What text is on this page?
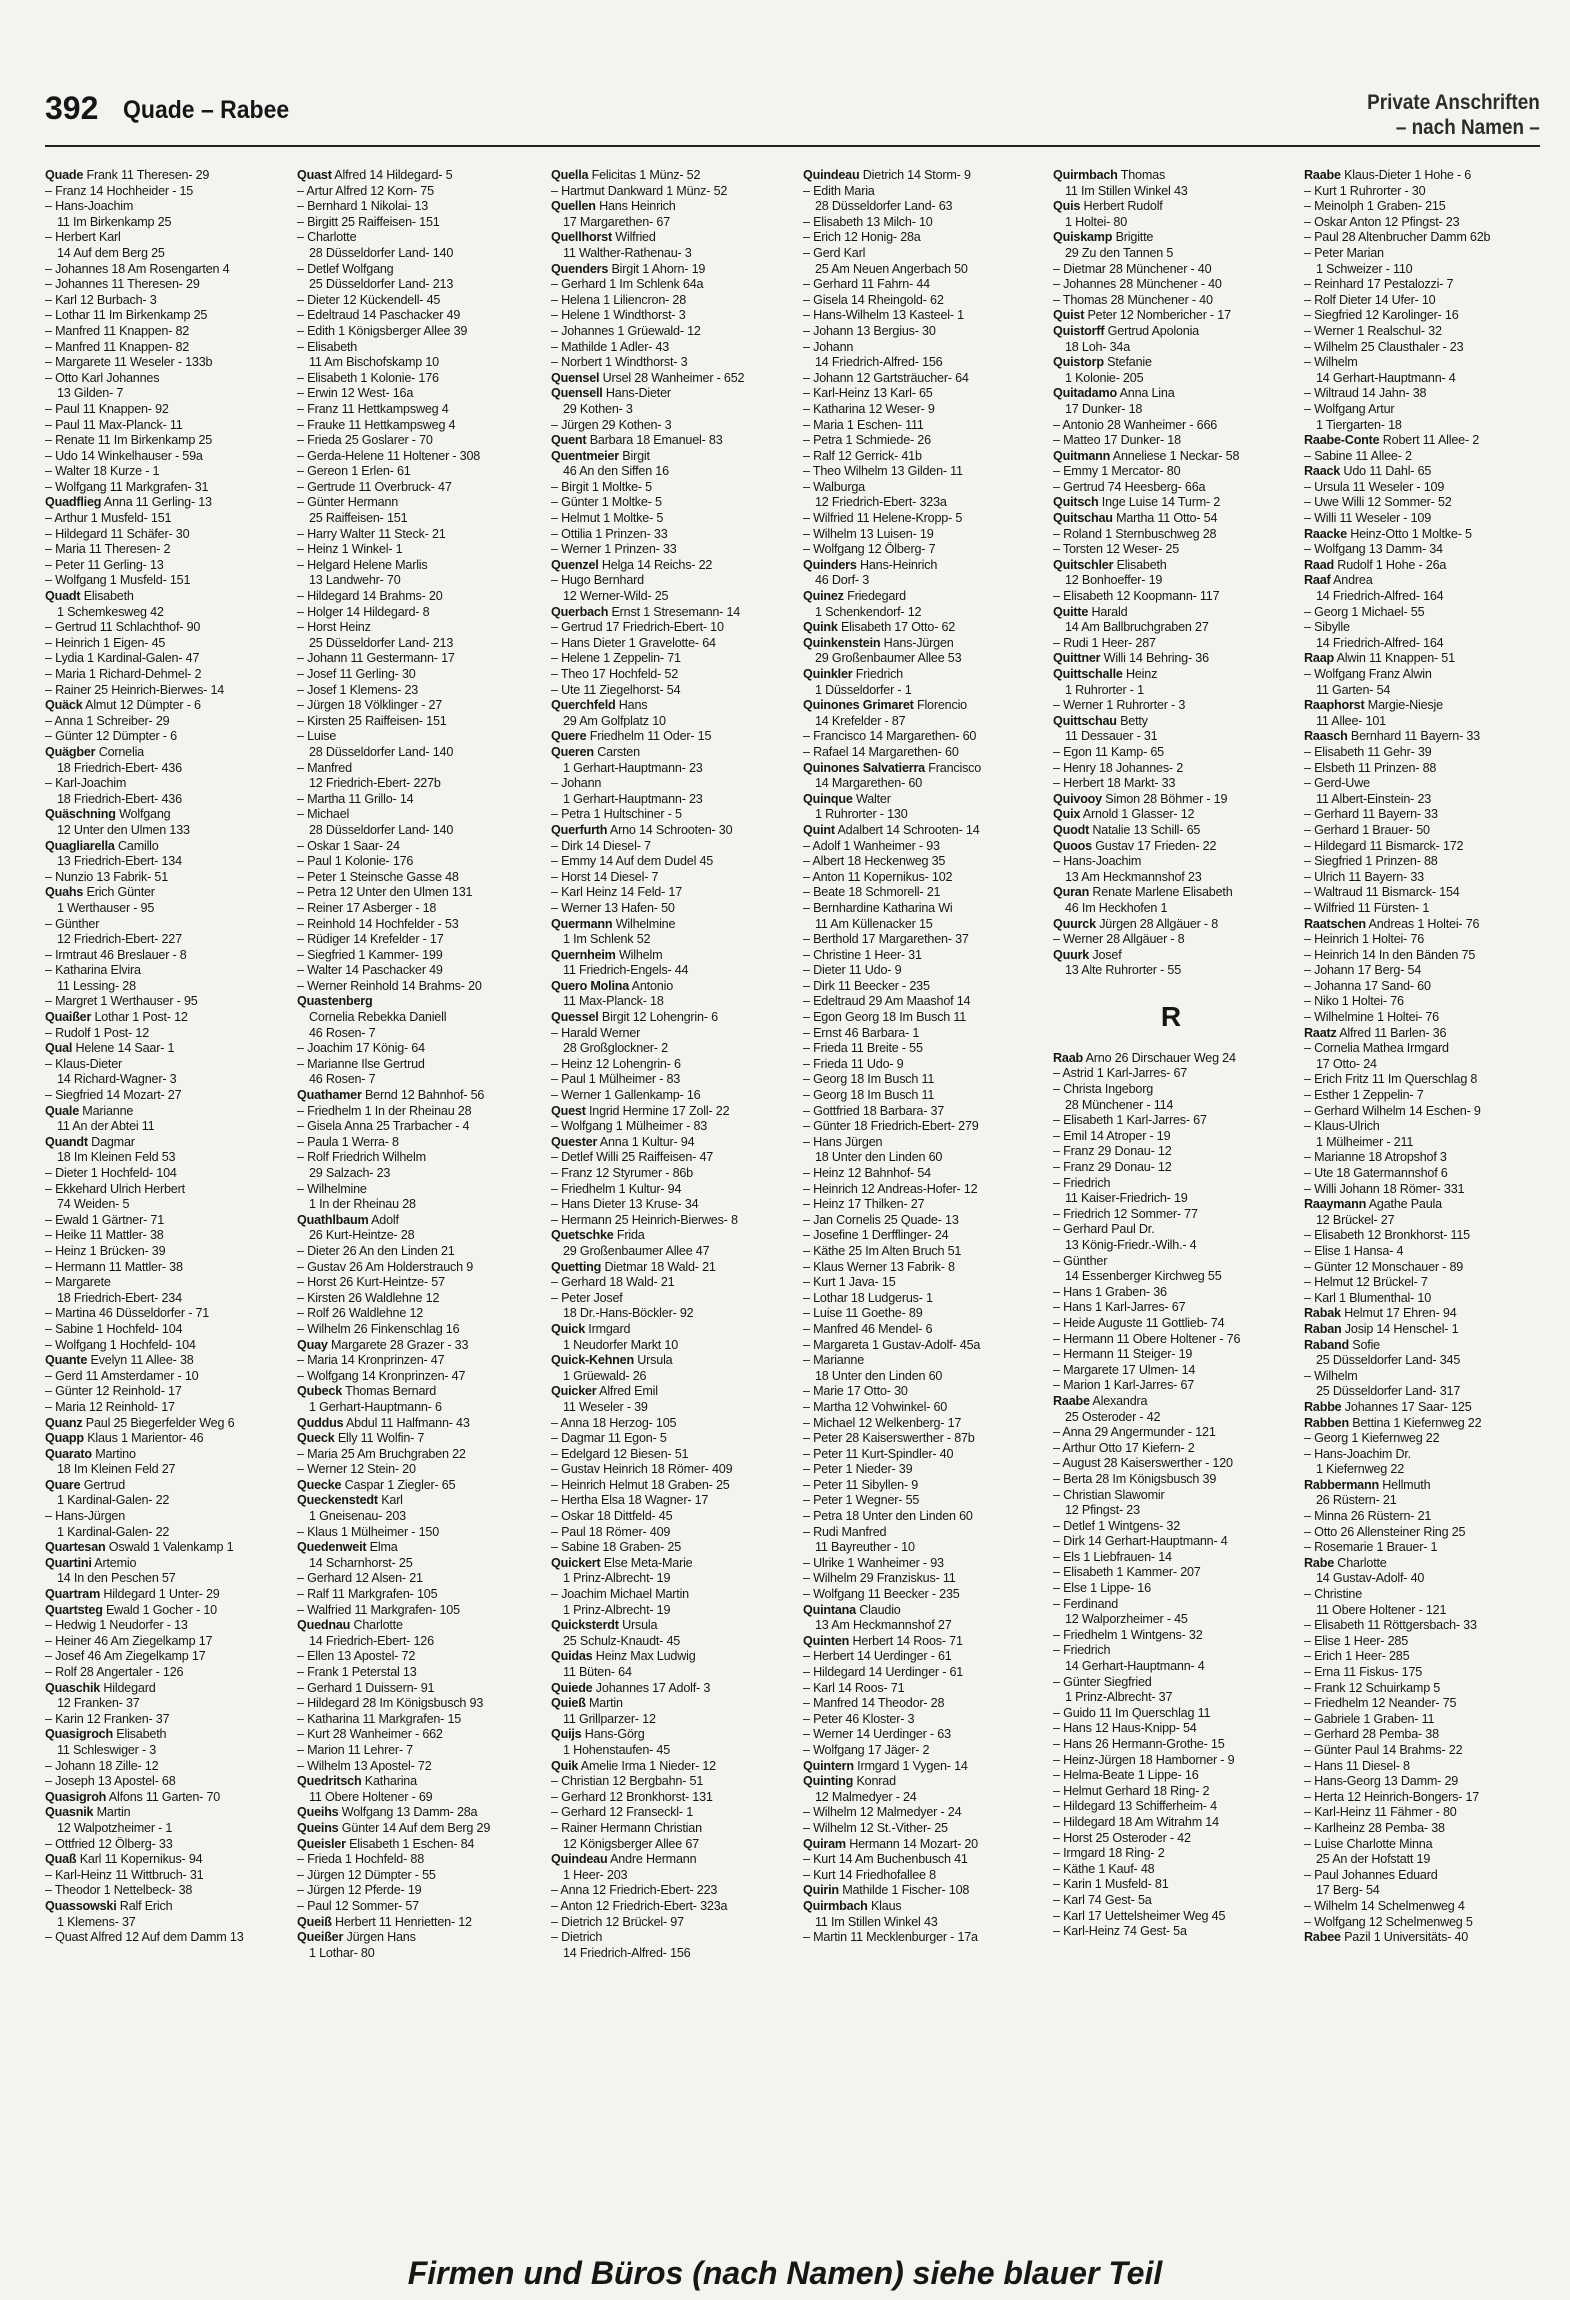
392 Quade – Rabee	Private Anschriften
– nach Namen –
Quade Frank 11 Theresen- 29
– Franz 14 Hochheider - 15
– Hans-Joachim
11 Im Birkenkamp 25
– Herbert Karl
14 Auf dem Berg 25
– Johannes 18 Am Rosengarten 4
– Johannes 11 Theresen- 29
– Karl 12 Burbach- 3
– Lothar 11 Im Birkenkamp 25
– Manfred 11 Knappen- 82
– Manfred 11 Knappen- 82
– Margarete 11 Weseler - 133b
– Otto Karl Johannes
13 Gilden- 7
– Paul 11 Knappen- 92
– Paul 11 Max-Planck- 11
– Renate 11 Im Birkenkamp 25
– Udo 14 Winkelhauser - 59a
– Walter 18 Kurze - 1
– Wolfgang 11 Markgrafen- 31
Quadflieg Anna 11 Gerling- 13
– Arthur 1 Musfeld- 151
– Hildegard 11 Schäfer- 30
– Maria 11 Theresen- 2
– Peter 11 Gerling- 13
– Wolfgang 1 Musfeld- 151
Quadt Elisabeth
1 Schemkesweg 42
– Gertrud 11 Schlachthof- 90
– Heinrich 1 Eigen- 45
– Lydia 1 Kardinal-Galen- 47
– Maria 1 Richard-Dehmel- 2
– Rainer 25 Heinrich-Bierwes- 14
Quäck Almut 12 Dümpter - 6
– Anna 1 Schreiber- 29
– Günter 12 Dümpter - 6
Quägber Cornelia
18 Friedrich-Ebert- 436
– Karl-Joachim
18 Friedrich-Ebert- 436
Quäschning Wolfgang
12 Unter den Ulmen 133
Quagliarella Camillo
13 Friedrich-Ebert- 134
– Nunzio 13 Fabrik- 51
Quahs Erich Günter
1 Werthauser - 95
– Günther
12 Friedrich-Ebert- 227
– Irmtraut 46 Breslauer - 8
– Katharina Elvira
11 Lessing- 28
– Margret 1 Werthauser - 95
Quaißer Lothar 1 Post- 12
– Rudolf 1 Post- 12
Qual Helene 14 Saar- 1
– Klaus-Dieter
14 Richard-Wagner- 3
– Siegfried 14 Mozart- 27
Quale Marianne
11 An der Abtei 11
Quandt Dagmar
18 Im Kleinen Feld 53
– Dieter 1 Hochfeld- 104
– Ekkehard Ulrich Herbert
74 Weiden- 5
– Ewald 1 Gärtner- 71
– Heike 11 Mattler- 38
– Heinz 1 Brücken- 39
– Hermann 11 Mattler- 38
– Margarete
18 Friedrich-Ebert- 234
– Martina 46 Düsseldorfer - 71
– Sabine 1 Hochfeld- 104
– Wolfgang 1 Hochfeld- 104
Quante Evelyn 11 Allee- 38
– Gerd 11 Amsterdamer - 10
– Günter 12 Reinhold- 17
– Maria 12 Reinhold- 17
Quanz Paul 25 Biegerfelder Weg 6
Quapp Klaus 1 Marientor- 46
Quarato Martino
18 Im Kleinen Feld 27
Quare Gertrud
1 Kardinal-Galen- 22
– Hans-Jürgen
1 Kardinal-Galen- 22
Quartesan Oswald 1 Valenkamp 1
Quartini Artemio
14 In den Peschen 57
Quartram Hildegard 1 Unter- 29
Quartsteg Ewald 1 Gocher - 10
– Hedwig 1 Neudorfer - 13
– Heiner 46 Am Ziegelkamp 17
– Josef 46 Am Ziegelkamp 17
– Rolf 28 Angertaler - 126
Quaschik Hildegard
12 Franken- 37
– Karin 12 Franken- 37
Quasigroch Elisabeth
11 Schleswiger - 3
– Johann 18 Zille- 12
– Joseph 13 Apostel- 68
Quasigroh Alfons 11 Garten- 70
Quasnik Martin
12 Walpotzheimer - 1
– Ottfried 12 Ölberg- 33
Quaß Karl 11 Kopernikus- 94
– Karl-Heinz 11 Wittbruch- 31
– Theodor 1 Nettelbeck- 38
Quassowski Ralf Erich
1 Klemens- 37
– Quast Alfred 12 Auf dem Damm 13
Quast Alfred 14 Hildegard- 5
– Artur Alfred 12 Korn- 75
– Bernhard 1 Nikolai- 13
– Birgitt 25 Raiffeisen- 151
– Charlotte
28 Düsseldorfer Land- 140
– Detlef Wolfgang
25 Düsseldorfer Land- 213
– Dieter 12 Kückendell- 45
– Edeltraud 14 Paschacker 49
– Edith 1 Königsberger Allee 39
– Elisabeth
11 Am Bischofskamp 10
– Elisabeth 1 Kolonie- 176
– Erwin 12 West- 16a
– Franz 11 Hettkampsweg 4
– Frauke 11 Hettkampsweg 4
– Frieda 25 Goslarer - 70
– Gerda-Helene 11 Holtener - 308
– Gereon 1 Erlen- 61
– Gertrude 11 Overbruck- 47
– Günter Hermann
25 Raiffeisen- 151
– Harry Walter 11 Steck- 21
– Heinz 1 Winkel- 1
– Helgard Helene Marlis
13 Landwehr- 70
– Hildegard 14 Brahms- 20
– Holger 14 Hildegard- 8
– Horst Heinz
25 Düsseldorfer Land- 213
– Johann 11 Gestermann- 17
– Josef 11 Gerling- 30
– Josef 1 Klemens- 23
– Jürgen 18 Völklinger - 27
– Kirsten 25 Raiffeisen- 151
– Luise
28 Düsseldorfer Land- 140
– Manfred
12 Friedrich-Ebert- 227b
– Martha 11 Grillo- 14
– Michael
28 Düsseldorfer Land- 140
– Oskar 1 Saar- 24
– Paul 1 Kolonie- 176
– Peter 1 Steinsche Gasse 48
– Petra 12 Unter den Ulmen 131
– Reiner 17 Asberger - 18
– Reinhold 14 Hochfelder - 53
– Rüdiger 14 Krefelder - 17
– Siegfried 1 Kammer- 199
– Walter 14 Paschacker 49
– Werner Reinhold 14 Brahms- 20
Quastenberg
Cornelia Rebekka Daniell
46 Rosen- 7
– Joachim 17 König- 64
– Marianne Ilse Gertrud
46 Rosen- 7
Quathamer Bernd 12 Bahnhof- 56
– Friedhelm 1 In der Rheinau 28
– Gisela Anna 25 Trarbacher - 4
– Paula 1 Werra- 8
– Rolf Friedrich Wilhelm
29 Salzach- 23
– Wilhelmine
1 In der Rheinau 28
Quathlbaum Adolf
26 Kurt-Heintze- 28
– Dieter 26 An den Linden 21
– Gustav 26 Am Holderstrauch 9
– Horst 26 Kurt-Heintze- 57
– Kirsten 26 Waldlehne 12
– Rolf 26 Waldlehne 12
– Wilhelm 26 Finkenschlag 16
Quay Margarete 28 Grazer - 33
– Maria 14 Kronprinzen- 47
– Wolfgang 14 Kronprinzen- 47
Qubeck Thomas Bernard
1 Gerhart-Hauptmann- 6
Quddus Abdul 11 Halfmann- 43
Queck Elly 11 Wolfin- 7
– Maria 25 Am Bruchgraben 22
– Werner 12 Stein- 20
Quecke Caspar 1 Ziegler- 65
Queckenstedt Karl
1 Gneisenau- 203
– Klaus 1 Mülheimer - 150
Quedenweit Elma
14 Scharnhorst- 25
– Gerhard 12 Alsen- 21
– Ralf 11 Markgrafen- 105
– Walfried 11 Markgrafen- 105
Quednau Charlotte
14 Friedrich-Ebert- 126
– Ellen 13 Apostel- 72
– Frank 1 Peterstal 13
– Gerhard 1 Duissern- 91
– Hildegard 28 Im Königsbusch 93
– Katharina 11 Markgrafen- 15
– Kurt 28 Wanheimer - 662
– Marion 11 Lehrer- 7
– Wilhelm 13 Apostel- 72
Quedritsch Katharina
11 Obere Holtener - 69
Queihs Wolfgang 13 Damm- 28a
Queins Günter 14 Auf dem Berg 29
Queisler Elisabeth 1 Eschen- 84
– Frieda 1 Hochfeld- 88
– Jürgen 12 Dümpter - 55
– Jürgen 12 Pferde- 19
– Paul 12 Sommer- 57
Queiß Herbert 11 Henrietten- 12
Queißer Jürgen Hans
1 Lothar- 80
Quella Felicitas 1 Münz- 52
– Hartmut Dankward 1 Münz- 52
Quellen Hans Heinrich
17 Margarethen- 67
Quellhorst Wilfried
11 Walther-Rathenau- 3
Quenders Birgit 1 Ahorn- 19
– Gerhard 1 Im Schlenk 64a
– Helena 1 Liliencron- 28
– Helene 1 Windthorst- 3
– Johannes 1 Grüewald- 12
– Mathilde 1 Adler- 43
– Norbert 1 Windthorst- 3
Quensel Ursel 28 Wanheimer - 652
Quensell Hans-Dieter
29 Kothen- 3
– Jürgen 29 Kothen- 3
Quent Barbara 18 Emanuel- 83
Quentmeier Birgit
46 An den Siffen 16
– Birgit 1 Moltke- 5
– Günter 1 Moltke- 5
– Helmut 1 Moltke- 5
– Ottilia 1 Prinzen- 33
– Werner 1 Prinzen- 33
Quenzel Helga 14 Reichs- 22
– Hugo Bernhard
12 Werner-Wild- 25
Querbach Ernst 1 Stresemann- 14
– Gertrud 17 Friedrich-Ebert- 10
– Hans Dieter 1 Gravelotte- 64
– Helene 1 Zeppelin- 71
– Theo 17 Hochfeld- 52
– Ute 11 Ziegelhorst- 54
Querchfeld Hans
29 Am Golfplatz 10
Quere Friedhelm 11 Oder- 15
Queren Carsten
1 Gerhart-Hauptmann- 23
– Johann
1 Gerhart-Hauptmann- 23
– Petra 1 Hultschiner - 5
Querfurth Arno 14 Schrooten- 30
– Dirk 14 Diesel- 7
– Emmy 14 Auf dem Dudel 45
– Horst 14 Diesel- 7
– Karl Heinz 14 Feld- 17
– Werner 13 Hafen- 50
Quermann Wilhelmine
1 Im Schlenk 52
Quernheim Wilhelm
11 Friedrich-Engels- 44
Quero Molina Antonio
11 Max-Planck- 18
Quessel Birgit 12 Lohengrin- 6
– Harald Werner
28 Großglockner- 2
– Heinz 12 Lohengrin- 6
– Paul 1 Mülheimer - 83
– Werner 1 Gallenkamp- 16
Quest Ingrid Hermine 17 Zoll- 22
– Wolfgang 1 Mülheimer - 83
Quester Anna 1 Kultur- 94
– Detlef Willi 25 Raiffeisen- 47
– Franz 12 Styrumer - 86b
– Friedhelm 1 Kultur- 94
– Hans Dieter 13 Kruse- 34
– Hermann 25 Heinrich-Bierwes- 8
Quetschke Frida
29 Großenbaumer Allee 47
Quetting Dietmar 18 Wald- 21
– Gerhard 18 Wald- 21
– Peter Josef
18 Dr.-Hans-Böckler- 92
Quick Irmgard
1 Neudorfer Markt 10
Quick-Kehnen Ursula
1 Grüewald- 26
Quicker Alfred Emil
11 Weseler - 39
– Anna 18 Herzog- 105
– Dagmar 11 Egon- 5
– Edelgard 12 Biesen- 51
– Gustav Heinrich 18 Römer- 409
– Heinrich Helmut 18 Graben- 25
– Hertha Elsa 18 Wagner- 17
– Oskar 18 Dittfeld- 45
– Paul 18 Römer- 409
– Sabine 18 Graben- 25
Quickert Else Meta-Marie
1 Prinz-Albrecht- 19
– Joachim Michael Martin
1 Prinz-Albrecht- 19
Quicksterdt Ursula
25 Schulz-Knaudt- 45
Quidas Heinz Max Ludwig
11 Büten- 64
Quiede Johannes 17 Adolf- 3
Quieß Martin
11 Grillparzer- 12
Quijs Hans-Görg
1 Hohenstaufen- 45
Quik Amelie Irma 1 Nieder- 12
– Christian 12 Bergbahn- 51
– Gerhard 12 Bronkhorst- 131
– Gerhard 12 Franseckl- 1
– Rainer Hermann Christian
12 Königsberger Allee 67
Quindeau Andre Hermann
1 Heer- 203
– Anna 12 Friedrich-Ebert- 223
– Anton 12 Friedrich-Ebert- 323a
– Dietrich 12 Brückel- 97
– Dietrich
14 Friedrich-Alfred- 156
Quindeau Dietrich 14 Storm- 9
– Edith Maria
28 Düsseldorfer Land- 63
– Elisabeth 13 Milch- 10
– Erich 12 Honig- 28a
– Gerd Karl
25 Am Neuen Angerbach 50
– Gerhard 11 Fahrn- 44
– Gisela 14 Rheingold- 62
– Hans-Wilhelm 13 Kasteel- 1
– Johann 13 Bergius- 30
– Johann
14 Friedrich-Alfred- 156
– Johann 12 Gartsträucher- 64
– Karl-Heinz 13 Karl- 65
– Katharina 12 Weser- 9
– Maria 1 Eschen- 111
– Petra 1 Schmiede- 26
– Ralf 12 Gerrick- 41b
– Theo Wilhelm 13 Gilden- 11
– Walburga
12 Friedrich-Ebert- 323a
– Wilfried 11 Helene-Kropp- 5
– Wilhelm 13 Luisen- 19
– Wolfgang 12 Ölberg- 7
Quinders Hans-Heinrich
46 Dorf- 3
Quinez Friedegard
1 Schenkendorf- 12
Quink Elisabeth 17 Otto- 62
Quinkenstein Hans-Jürgen
29 Großenbaumer Allee 53
Quinkler Friedrich
1 Düsseldorfer - 1
Quinones Grimaret Florencio
14 Krefelder - 87
– Francisco 14 Margarethen- 60
– Rafael 14 Margarethen- 60
Quinones Salvatierra Francisco
14 Margarethen- 60
Quinque Walter
1 Ruhrorter - 130
Quint Adalbert 14 Schrooten- 14
– Adolf 1 Wanheimer - 93
– Albert 18 Heckenweg 35
– Anton 11 Kopernikus- 102
– Beate 18 Schmorell- 21
– Bernhardine Katharina Wi
11 Am Küllenacker 15
– Berthold 17 Margarethen- 37
– Christine 1 Heer- 31
– Dieter 11 Udo- 9
– Dirk 11 Beecker - 235
– Edeltraud 29 Am Maashof 14
– Egon Georg 18 Im Busch 11
– Ernst 46 Barbara- 1
– Frieda 11 Breite - 55
– Frieda 11 Udo- 9
– Georg 18 Im Busch 11
– Georg 18 Im Busch 11
– Gottfried 18 Barbara- 37
– Günter 18 Friedrich-Ebert- 279
– Hans Jürgen
18 Unter den Linden 60
– Heinz 12 Bahnhof- 54
– Heinrich 12 Andreas-Hofer- 12
– Heinz 17 Thilken- 27
– Jan Cornelis 25 Quade- 13
– Josefine 1 Derfflinger- 24
– Käthe 25 Im Alten Bruch 51
– Klaus Werner 13 Fabrik- 8
– Kurt 1 Java- 15
– Lothar 18 Ludgerus- 1
– Luise 11 Goethe- 89
– Manfred 46 Mendel- 6
– Margareta 1 Gustav-Adolf- 45a
– Marianne
18 Unter den Linden 60
– Marie 17 Otto- 30
– Martha 12 Vohwinkel- 60
– Michael 12 Welkenberg- 17
– Peter 28 Kaiserswerther - 87b
– Peter 11 Kurt-Spindler- 40
– Peter 1 Nieder- 39
– Peter 11 Sibyllen- 9
– Peter 1 Wegner- 55
– Petra 18 Unter den Linden 60
– Rudi Manfred
11 Bayreuther - 10
– Ulrike 1 Wanheimer - 93
– Wilhelm 29 Franziskus- 11
– Wolfgang 11 Beecker - 235
Quintana Claudio
13 Am Heckmannshof 27
Quinten Herbert 14 Roos- 71
– Herbert 14 Uerdinger - 61
– Hildegard 14 Uerdinger - 61
– Karl 14 Roos- 71
– Manfred 14 Theodor- 28
– Peter 46 Kloster- 3
– Werner 14 Uerdinger - 63
– Wolfgang 17 Jäger- 2
Quintern Irmgard 1 Vygen- 14
Quinting Konrad
12 Malmedyer - 24
– Wilhelm 12 Malmedyer - 24
– Wilhelm 12 St.-Vither- 25
Quiram Hermann 14 Mozart- 20
– Kurt 14 Am Buchenbusch 41
– Kurt 14 Friedhofallee 8
Quirin Mathilde 1 Fischer- 108
Quirmbach Klaus
11 Im Stillen Winkel 43
– Martin 11 Mecklenburger - 17a
Quirmbach Thomas
11 Im Stillen Winkel 43
Quis Herbert Rudolf
1 Holtei- 80
Quiskamp Brigitte
29 Zu den Tannen 5
– Dietmar 28 Münchener - 40
– Johannes 28 Münchener - 40
– Thomas 28 Münchener - 40
Quist Peter 12 Nombericher - 17
Quistorff Gertrud Apolonia
18 Loh- 34a
Quistorp Stefanie
1 Kolonie- 205
Quitadamo Anna Lina
17 Dunker- 18
– Antonio 28 Wanheimer - 666
– Matteo 17 Dunker- 18
Quitmann Anneliese 1 Neckar- 58
– Emmy 1 Mercator- 80
– Gertrud 74 Heesberg- 66a
Quitsch Inge Luise 14 Turm- 2
Quitschau Martha 11 Otto- 54
– Roland 1 Sternbuschweg 28
– Torsten 12 Weser- 25
Quitschler Elisabeth
12 Bonhoeffer- 19
– Elisabeth 12 Koopmann- 117
Quitte Harald
14 Am Ballbruchgraben 27
– Rudi 1 Heer- 287
Quittner Willi 14 Behring- 36
Quittschalle Heinz
1 Ruhrorter - 1
– Werner 1 Ruhrorter - 3
Quittschau Betty
11 Dessauer - 31
– Egon 11 Kamp- 65
– Henry 18 Johannes- 2
– Herbert 18 Markt- 33
Quivooy Simon 28 Böhmer - 19
Quix Arnold 1 Glasser- 12
Quodt Natalie 13 Schill- 65
Quoos Gustav 17 Frieden- 22
– Hans-Joachim
13 Am Heckmannshof 23
Quran Renate Marlene Elisabeth
46 Im Heckhofen 1
Quurck Jürgen 28 Allgäuer - 8
– Werner 28 Allgäuer - 8
Quurk Josef
13 Alte Ruhrorter - 55
R
Raab Arno 26 Dirschauer Weg 24
– Astrid 1 Karl-Jarres- 67
– Christa Ingeborg
28 Münchener - 114
– Elisabeth 1 Karl-Jarres- 67
– Emil 14 Atroper - 19
– Franz 29 Donau- 12
– Franz 29 Donau- 12
– Friedrich
11 Kaiser-Friedrich- 19
– Friedrich 12 Sommer- 77
– Gerhard Paul Dr.
13 König-Friedr.-Wilh.- 4
– Günther
14 Essenberger Kirchweg 55
– Hans 1 Graben- 36
– Hans 1 Karl-Jarres- 67
– Heide Auguste 11 Gottlieb- 74
– Hermann 11 Obere Holtener - 76
– Hermann 11 Steiger- 19
– Margarete 17 Ulmen- 14
– Marion 1 Karl-Jarres- 67
Raabe Alexandra
25 Osteroder - 42
– Anna 29 Angermunder - 121
– Arthur Otto 17 Kiefern- 2
– August 28 Kaiserswerther - 120
– Berta 28 Im Königsbusch 39
– Christian Slawomir
12 Pfingst- 23
– Detlef 1 Wintgens- 32
– Dirk 14 Gerhart-Hauptmann- 4
– Els 1 Liebfrauen- 14
– Elisabeth 1 Kammer- 207
– Else 1 Lippe- 16
– Ferdinand
12 Walporzheimer - 45
– Friedhelm 1 Wintgens- 32
– Friedrich
14 Gerhart-Hauptmann- 4
– Günter Siegfried
1 Prinz-Albrecht- 37
– Guido 11 Im Querschlag 11
– Hans 12 Haus-Knipp- 54
– Hans 26 Hermann-Grothe- 15
– Heinz-Jürgen 18 Hamborner - 9
– Helma-Beate 1 Lippe- 16
– Helmut Gerhard 18 Ring- 2
– Hildegard 13 Schifferheim- 4
– Hildegard 18 Am Witrahm 14
– Horst 25 Osteroder - 42
– Irmgard 18 Ring- 2
– Käthe 1 Kauf- 48
– Karin 1 Musfeld- 81
– Karl 74 Gest- 5a
– Karl 17 Uettelsheimer Weg 45
– Karl-Heinz 74 Gest- 5a
Raabe Klaus-Dieter 1 Hohe - 6
– Kurt 1 Ruhrorter - 30
– Meinolph 1 Graben- 215
– Oskar Anton 12 Pfingst- 23
– Paul 28 Altenbrucher Damm 62b
– Peter Marian
1 Schweizer - 110
– Reinhard 17 Pestalozzi- 7
– Rolf Dieter 14 Ufer- 10
– Siegfried 12 Karolinger- 16
– Werner 1 Realschul- 32
– Wilhelm 25 Clausthaler - 23
– Wilhelm
14 Gerhart-Hauptmann- 4
– Wiltraud 14 Jahn- 38
– Wolfgang Artur
1 Tiergarten- 18
Raabe-Conte Robert 11 Allee- 2
– Sabine 11 Allee- 2
Raack Udo 11 Dahl- 65
– Ursula 11 Weseler - 109
– Uwe Willi 12 Sommer- 52
– Willi 11 Weseler - 109
Raacke Heinz-Otto 1 Moltke- 5
– Wolfgang 13 Damm- 34
Raad Rudolf 1 Hohe - 26a
Raaf Andrea
14 Friedrich-Alfred- 164
– Georg 1 Michael- 55
– Sibylle
14 Friedrich-Alfred- 164
Raap Alwin 11 Knappen- 51
– Wolfgang Franz Alwin
11 Garten- 54
Raaphorst Margie-Niesje
11 Allee- 101
Raasch Bernhard 11 Bayern- 33
– Elisabeth 11 Gehr- 39
– Elsbeth 11 Prinzen- 88
– Gerd-Uwe
11 Albert-Einstein- 23
– Gerhard 11 Bayern- 33
– Gerhard 1 Brauer- 50
– Hildegard 11 Bismarck- 172
– Siegfried 1 Prinzen- 88
– Ulrich 11 Bayern- 33
– Waltraud 11 Bismarck- 154
– Wilfried 11 Fürsten- 1
Raatschen Andreas 1 Holtei- 76
– Heinrich 1 Holtei- 76
– Heinrich 14 In den Bänden 75
– Johann 17 Berg- 54
– Johanna 17 Sand- 60
– Niko 1 Holtei- 76
– Wilhelmine 1 Holtei- 76
Raatz Alfred 11 Barlen- 36
– Cornelia Mathea Irmgard
17 Otto- 24
– Erich Fritz 11 Im Querschlag 8
– Esther 1 Zeppelin- 7
– Gerhard Wilhelm 14 Eschen- 9
– Klaus-Ulrich
1 Mülheimer - 211
– Marianne 18 Atropshof 3
– Ute 18 Gatermannshof 6
– Willi Johann 18 Römer- 331
Raaymann Agathe Paula
12 Brückel- 27
– Elisabeth 12 Bronkhorst- 115
– Elise 1 Hansa- 4
– Günter 12 Monschauer - 89
– Helmut 12 Brückel- 7
– Karl 1 Blumenthal- 10
Rabak Helmut 17 Ehren- 94
Raban Josip 14 Henschel- 1
Raband Sofie
25 Düsseldorfer Land- 345
– Wilhelm
25 Düsseldorfer Land- 317
Rabbe Johannes 17 Saar- 125
Rabben Bettina 1 Kiefernweg 22
– Georg 1 Kiefernweg 22
– Hans-Joachim Dr.
1 Kiefernweg 22
Rabbermann Hellmuth
26 Rüstern- 21
– Minna 26 Rüstern- 21
– Otto 26 Allensteiner Ring 25
– Rosemarie 1 Brauer- 1
Rabe Charlotte
14 Gustav-Adolf- 40
– Christine
11 Obere Holtener - 121
– Elisabeth 11 Röttgersbach- 33
– Elise 1 Heer- 285
– Erich 1 Heer- 285
– Erna 11 Fiskus- 175
– Frank 12 Schuirkamp 5
– Friedhelm 12 Neander- 75
– Gabriele 1 Graben- 11
– Gerhard 28 Pemba- 38
– Günter Paul 14 Brahms- 22
– Hans 11 Diesel- 8
– Hans-Georg 13 Damm- 29
– Herta 12 Heinrich-Bongers- 17
– Karl-Heinz 11 Fähmer - 80
– Karlheinz 28 Pemba- 38
– Luise Charlotte Minna
25 An der Hofstatt 19
– Paul Johannes Eduard
17 Berg- 54
– Wilhelm 14 Schelmenweg 4
– Wolfgang 12 Schelmenweg 5
Rabee Pazil 1 Universitäts- 40
Firmen und Büros (nach Namen) siehe blauer Teil
